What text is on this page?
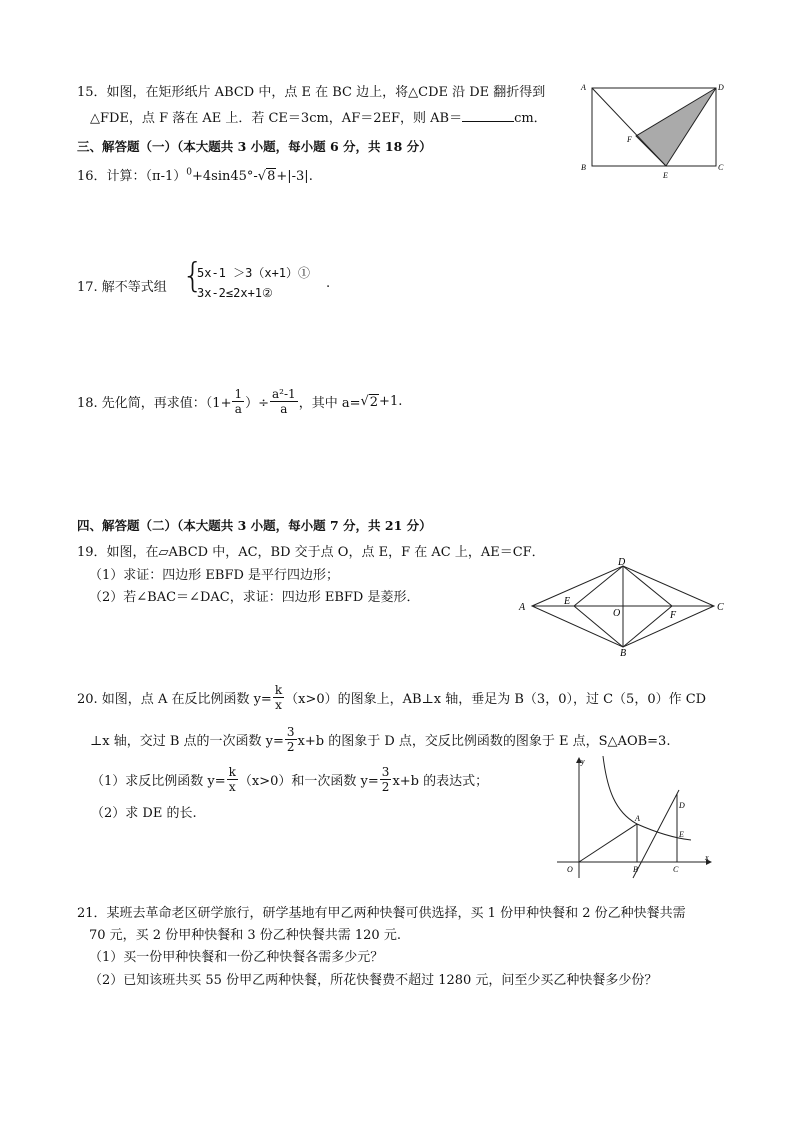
15．如图，在矩形纸片 ABCD 中，点 E 在 BC 边上，将△CDE 沿 DE 翻折得到
△FDE，点 F 落在 AE 上．若 CE＝3cm，AF＝2EF，则 AB＝	cm．
A	D
B	C
E
F
三、解答题（一）（本大题共 3 小题，每小题 6 分，共 18 分）
16．计算：$(\pi-1)^0+4\sin 45^\circ-√8+|-3|$.
17. 解不等式组 {
5x-1 ＞3（x+1）①
3x-2≤2x+1②
.
18. 先化简，再求值：（$1+ \frac{1}{a}$ ）÷ $\frac{\text{a²-1}}{a}$ ，其中 a= √ 2 +1.
四、解答题（二）（本大题共 3 小题，每小题 7 分，共 21 分）
19．如图，在▱ABCD 中，AC，BD 交于点 O，点 E，F 在 AC 上，AE＝CF．
（1）求证：四边形 EBFD 是平行四边形；
（2）若∠BAC＝∠DAC，求证：四边形 EBFD 是菱形．
A
D
C
B
E
F
O
20. 如图，点 A 在反比例函数 $y= \frac{k}{x} (x>0)$的图象上，AB⊥x 轴，垂足为 B（3，0），过 C（5，0）作 CD
⊥x 轴，交过 B 点的一次函数 $y= \frac{3}{2} x+b$ 的图象于 D 点，交反比例函数的图象于 E 点，S△AOB=3.
（1）求反比例函数 $y= \frac{k}{x} (x>0)$和一次函数 $y= \frac{3}{2} x+b$ 的表达式；
（2）求 DE 的长.
y
x
O
A
B	C
D
E
21．某班去革命老区研学旅行，研学基地有甲乙两种快餐可供选择，买 1 份甲种快餐和 2 份乙种快餐共需
70 元，买 2 份甲种快餐和 3 份乙种快餐共需 120 元.
（1）买一份甲种快餐和一份乙种快餐各需多少元？
（2）已知该班共买 55 份甲乙两种快餐，所花快餐费不超过 1280 元，问至少买乙种快餐多少份？
